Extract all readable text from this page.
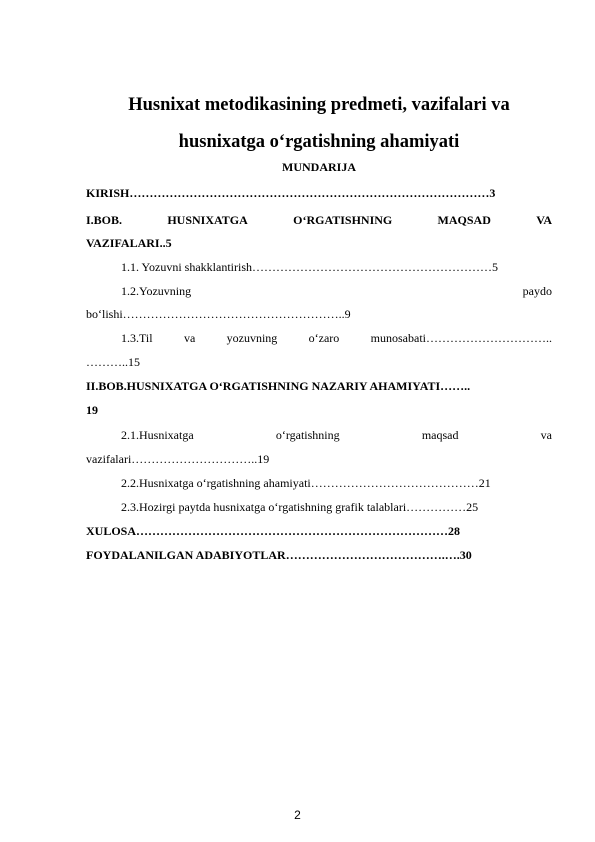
Husnixat metodikasining predmeti, vazifalari va
husnixatga o‘rgatishning ahamiyati
MUNDARIJA
KIRISH………………………………………………………………………………3
I.BOB.	HUSNIXATGA	O‘RGATISHNING	MAQSAD	VA
VAZIFALARI..5
1.1. Yozuvni shakklantirish……………………………………………………5
1.2.Yozuvning	paydo
bo‘lishi………………………………………………..9
1.3.Til	va	yozuvning	o‘zaro	munosabati…………………………..
………..15
II.BOB.HUSNIXATGA O‘RGATISHNING NAZARIY AHAMIYATI……..
19
2.1.Husnixatga	o‘rgatishning	maqsad	va
vazifalari…………………………..19
2.2.Husnixatga o‘rgatishning ahamiyati……………………………………21
2.3.Hozirgi paytda husnixatga o‘rgatishning grafik talablari……………25
XULOSA……………………………………………………………………28
FOYDALANILGAN ADABIYOTLAR………………………………….….30
2
